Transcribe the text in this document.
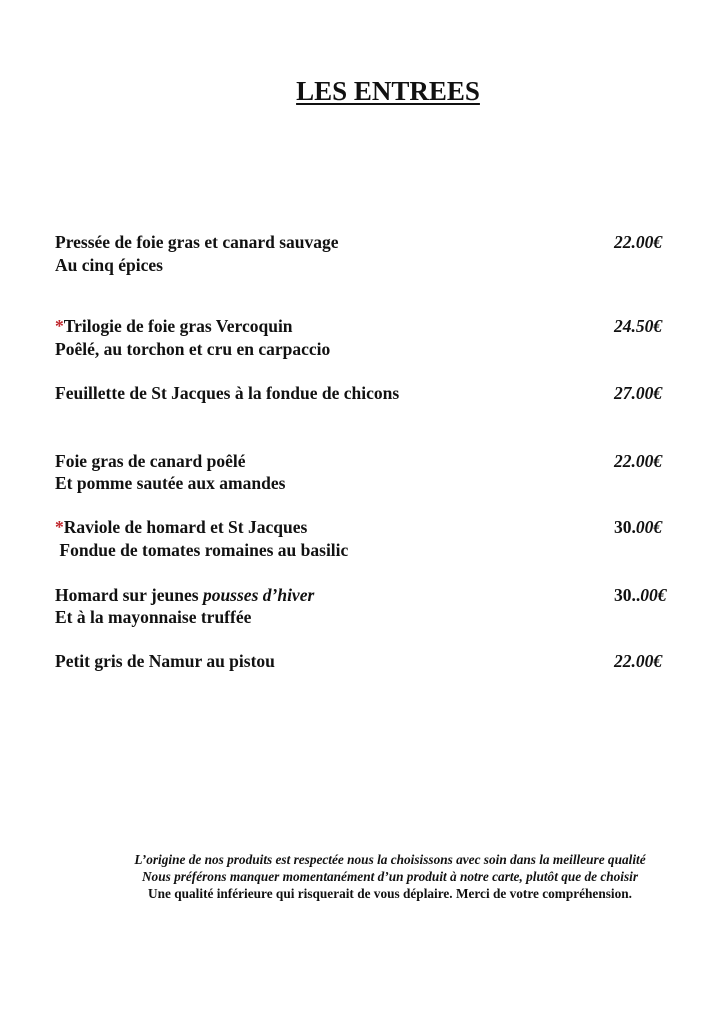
LES ENTREES
Pressée de foie gras et canard sauvage
Au cinq épices
22.00€
*Trilogie de foie gras Vercoquin
Poêlé, au torchon et cru en carpaccio
24.50€
Feuillette de St Jacques à la fondue de chicons	27.00€
Foie gras de canard poêlé
Et pomme sautée aux amandes
22.00€
*Raviole de homard et St Jacques
Fondue de tomates romaines au basilic
30.00€
Homard sur jeunes pousses d’hiver
Et à la mayonnaise truffée
30..00€
Petit gris de Namur au pistou	22.00€
L’origine de nos produits est respectée nous la choisissons avec soin dans la meilleure qualité
Nous préférons manquer momentanément d’un produit à notre carte, plutôt que de choisir
Une qualité inférieure qui risquerait de vous déplaire. Merci de votre compréhension.
